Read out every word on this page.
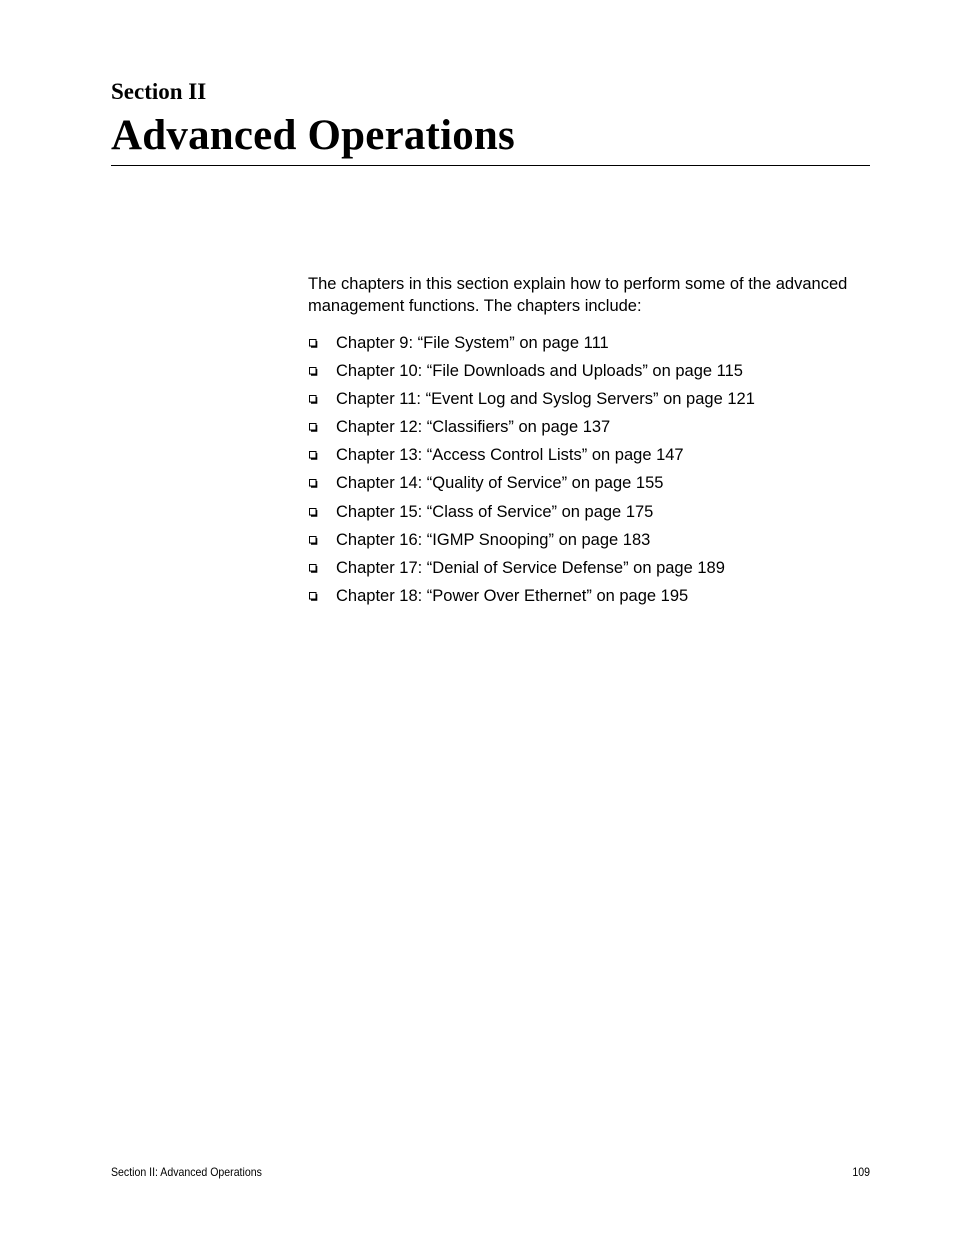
Section II
Advanced Operations

The chapters in this section explain how to perform some of the advanced management functions. The chapters include:

Chapter 9: “File System” on page 111
Chapter 10: “File Downloads and Uploads” on page 115
Chapter 11: “Event Log and Syslog Servers” on page 121
Chapter 12: “Classifiers” on page 137
Chapter 13: “Access Control Lists” on page 147
Chapter 14: “Quality of Service” on page 155
Chapter 15: “Class of Service” on page 175
Chapter 16: “IGMP Snooping” on page 183
Chapter 17: “Denial of Service Defense” on page 189
Chapter 18: “Power Over Ethernet” on page 195
Section II: Advanced Operations	109
